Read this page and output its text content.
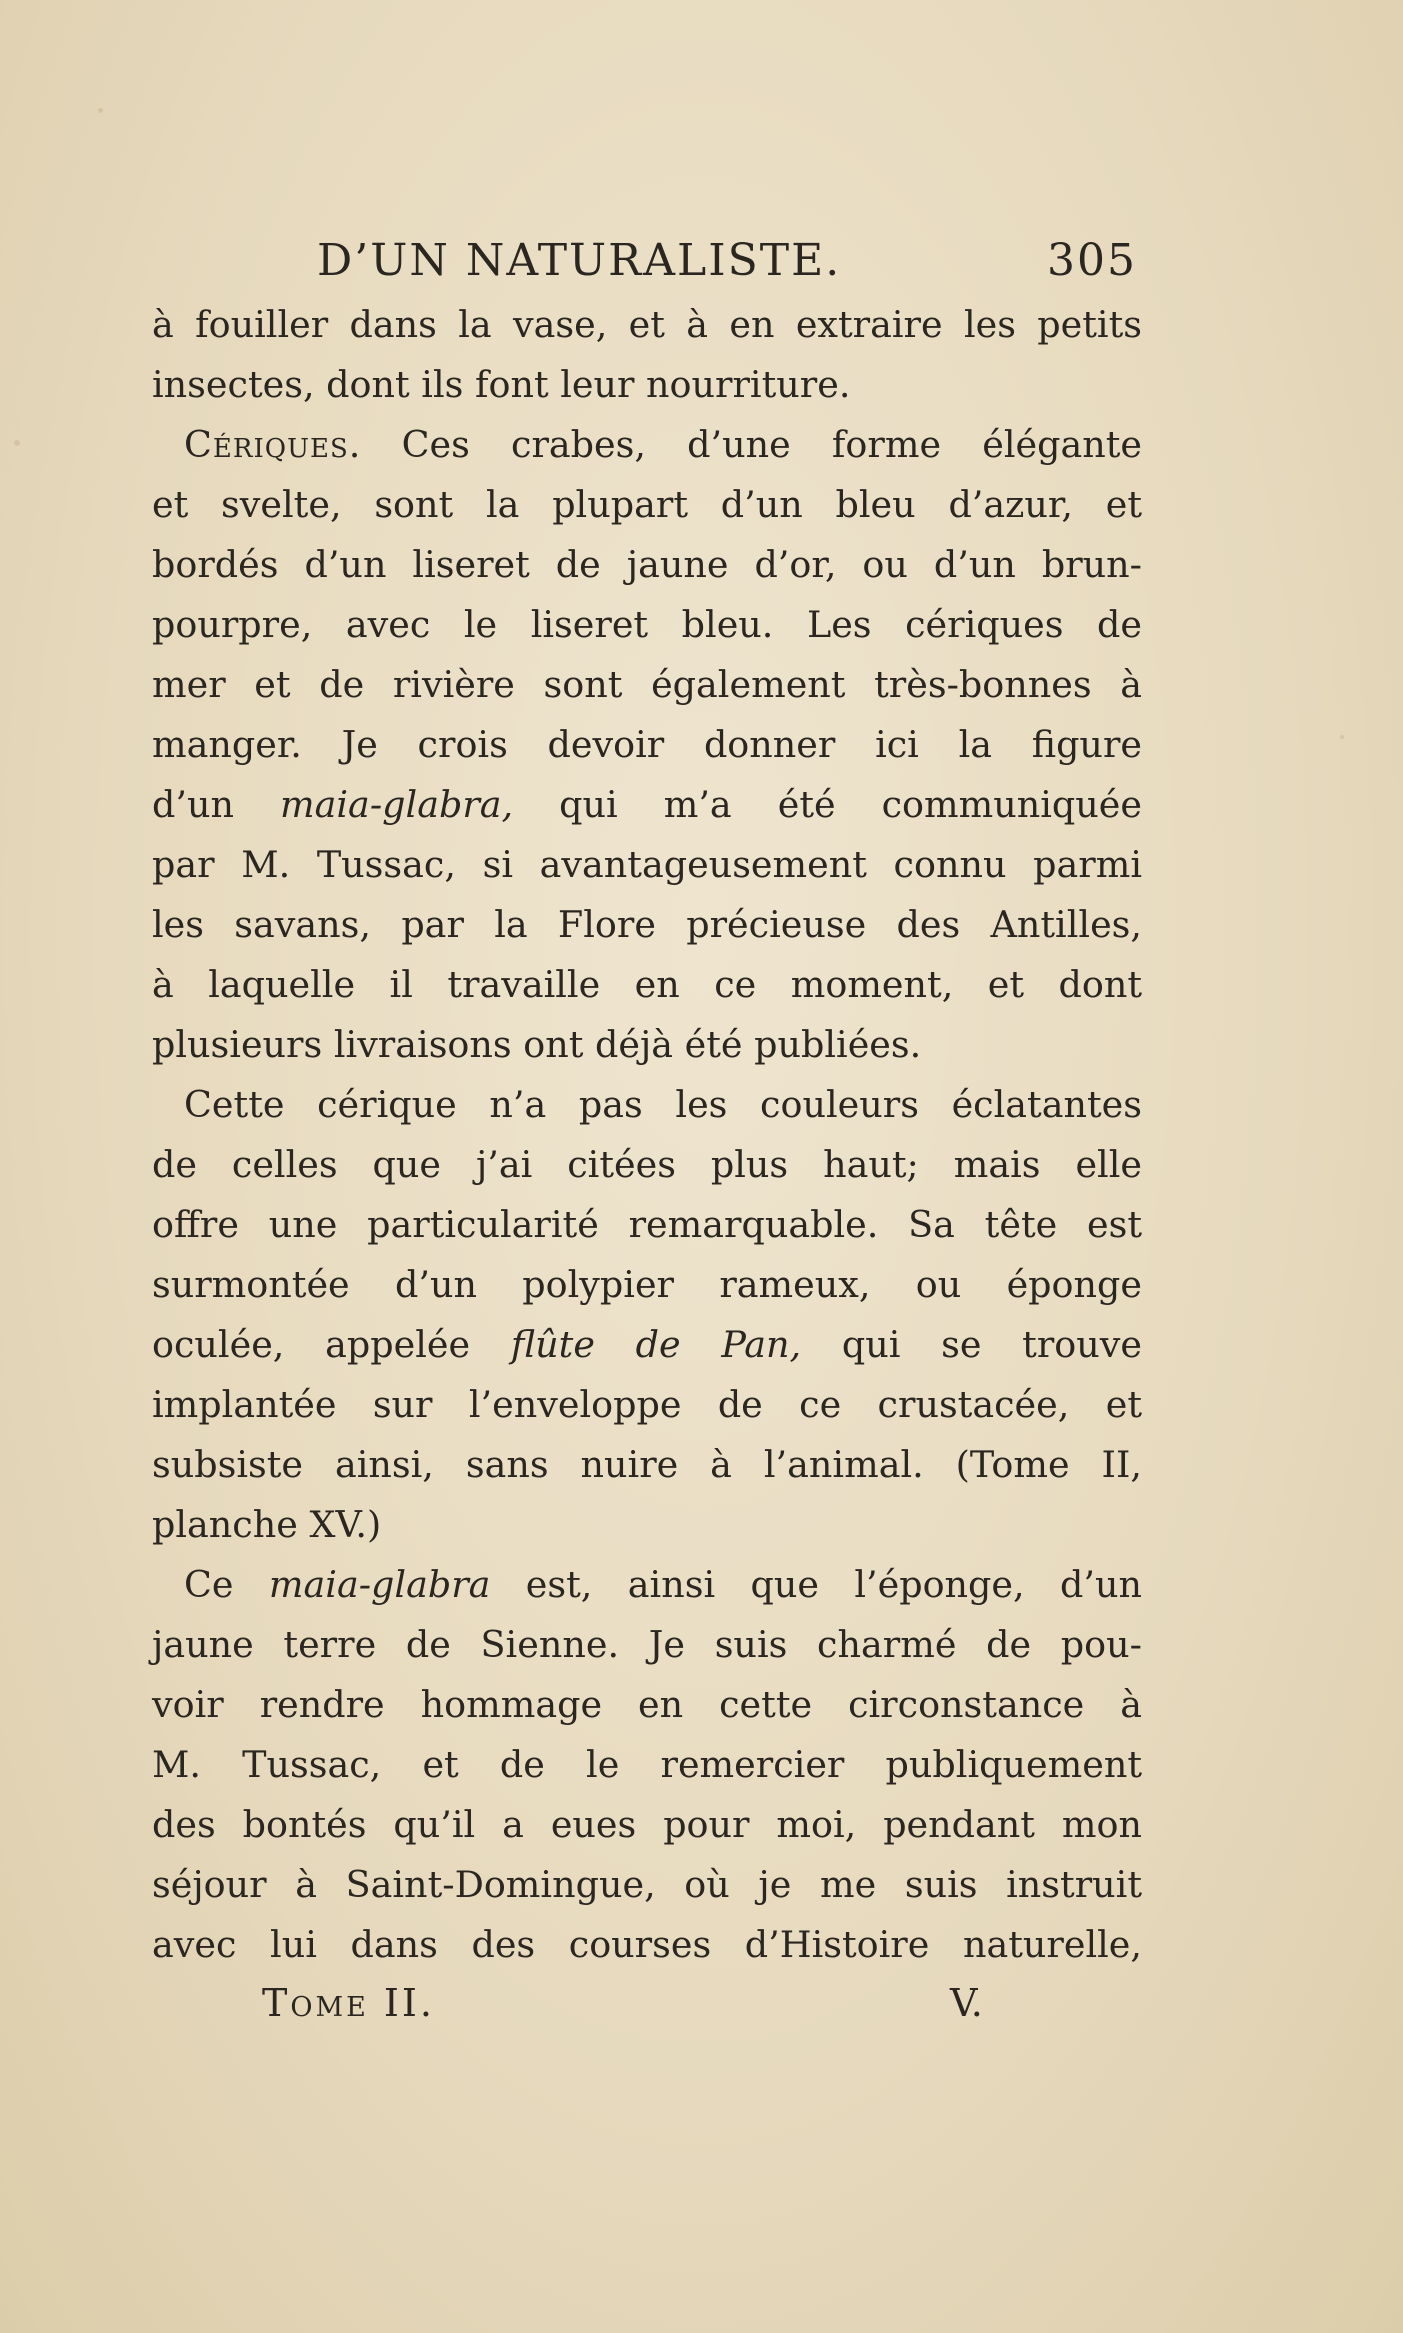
D’UN NATURALISTE.	305
à fouiller dans la vase, et à en extraire les petits
insectes, dont ils font leur nourriture.
Cériques. Ces crabes, d’une forme élégante
et svelte, sont la plupart d’un bleu d’azur, et
bordés d’un liseret de jaune d’or, ou d’un brun-
pourpre, avec le liseret bleu. Les cériques de
mer et de rivière sont également très-bonnes à
manger. Je crois devoir donner ici la figure
d’un maia-glabra, qui m’a été communiquée
par M. Tussac, si avantageusement connu parmi
les savans, par la Flore précieuse des Antilles,
à laquelle il travaille en ce moment, et dont
plusieurs livraisons ont déjà été publiées.
Cette cérique n’a pas les couleurs éclatantes
de celles que j’ai citées plus haut; mais elle
offre une particularité remarquable. Sa tête est
surmontée d’un polypier rameux, ou éponge
oculée, appelée flûte de Pan, qui se trouve
implantée sur l’enveloppe de ce crustacée, et
subsiste ainsi, sans nuire à l’animal. (Tome II,
planche XV.)
Ce maia-glabra est, ainsi que l’éponge, d’un
jaune terre de Sienne. Je suis charmé de pou-
voir rendre hommage en cette circonstance à
M. Tussac, et de le remercier publiquement
des bontés qu’il a eues pour moi, pendant mon
séjour à Saint-Domingue, où je me suis instruit
avec lui dans des courses d’Histoire naturelle,
Tome II.	V.
